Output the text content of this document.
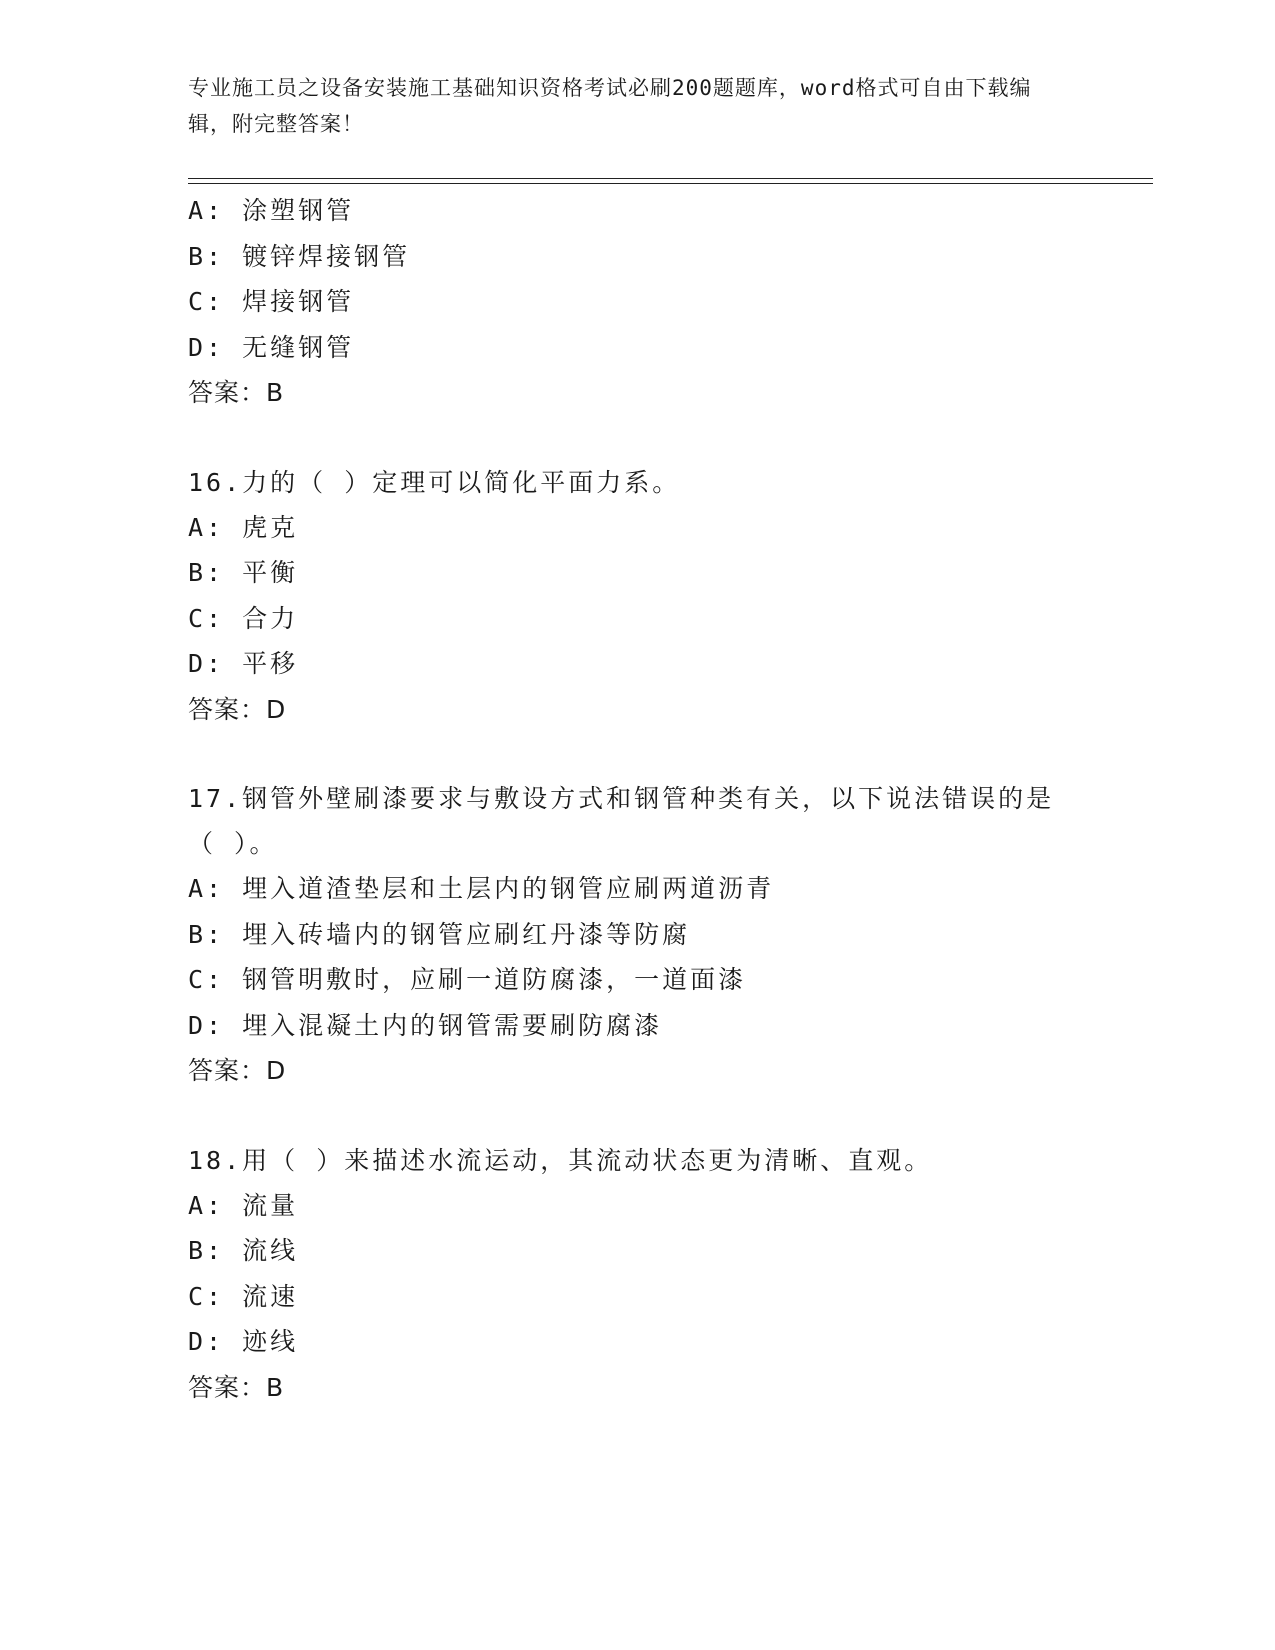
专业施工员之设备安装施工基础知识资格考试必刷200题题库，word格式可自由下载编辑，附完整答案！
A: 涂塑钢管
B: 镀锌焊接钢管
C: 焊接钢管
D: 无缝钢管
答案：B
16.力的（ ）定理可以简化平面力系。
A: 虎克
B: 平衡
C: 合力
D: 平移
答案：D
17.钢管外壁刷漆要求与敷设方式和钢管种类有关，以下说法错误的是（ ）。
A: 埋入道渣垫层和土层内的钢管应刷两道沥青
B: 埋入砖墙内的钢管应刷红丹漆等防腐
C: 钢管明敷时，应刷一道防腐漆，一道面漆
D: 埋入混凝土内的钢管需要刷防腐漆
答案：D
18.用（ ）来描述水流运动，其流动状态更为清晰、直观。
A: 流量
B: 流线
C: 流速
D: 迹线
答案：B
